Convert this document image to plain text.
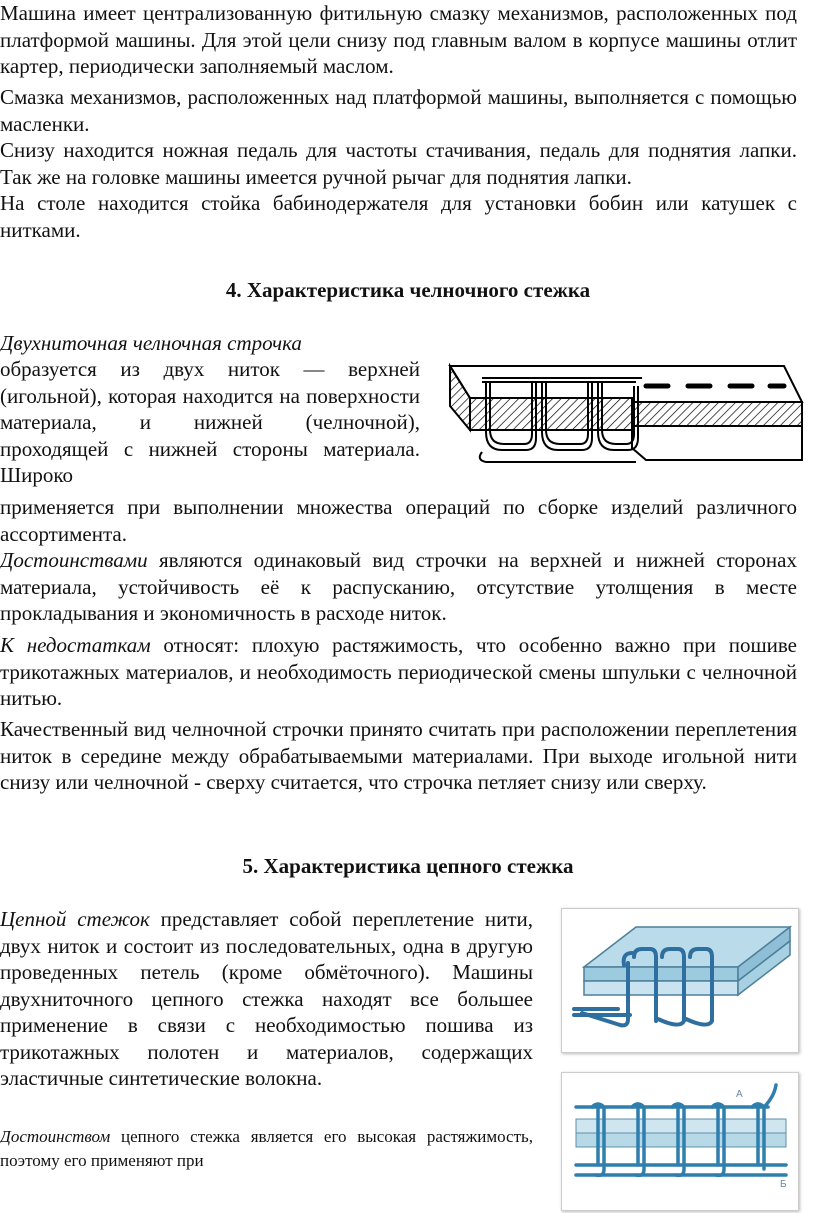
Машина имеет централизованную фитильную смазку механизмов, расположенных под платформой машины. Для этой цели снизу под главным валом в корпусе машины отлит картер, периодически заполняемый маслом.

Смазка механизмов, расположенных над платформой машины, выполняется с помощью масленки.

Снизу находится ножная педаль для частоты стачивания, педаль для поднятия лапки. Так же на головке машины имеется ручной рычаг для поднятия лапки.

На столе находится стойка бабинодержателя для установки бобин или катушек с нитками.

4. Характеристика челночного стежка

Двухниточная челночная строчка

образуется из двух ниток — верхней (игольной), которая находится на поверхности материала, и нижней (челночной), проходящей с нижней стороны материала. Широко

применяется при выполнении множества операций по сборке изделий различного ассортимента.

Достоинствами являются одинаковый вид строчки на верхней и нижней сторонах материала, устойчивость её к распусканию, отсутствие утолщения в месте прокладывания и экономичность в расходе ниток.

К недостаткам относят: плохую растяжимость, что особенно важно при пошиве трикотажных материалов, и необходимость периодической смены шпульки с челночной нитью.

Качественный вид челночной строчки принято считать при расположении переплетения ниток в середине между обрабатываемыми материалами. При выходе игольной нити снизу или челночной - сверху считается, что строчка петляет снизу или сверху.

5. Характеристика цепного стежка

Цепной стежок представляет собой переплетение нити, двух ниток и состоит из последовательных, одна в другую проведенных петель (кроме обмёточного). Машины двухниточного цепного стежка находят все большее применение в связи с необходимостью пошива из трикотажных полотен и материалов, содержащих эластичные синтетические волокна.

Достоинством цепного стежка является его высокая растяжимость, поэтому его применяют при

A
Б
